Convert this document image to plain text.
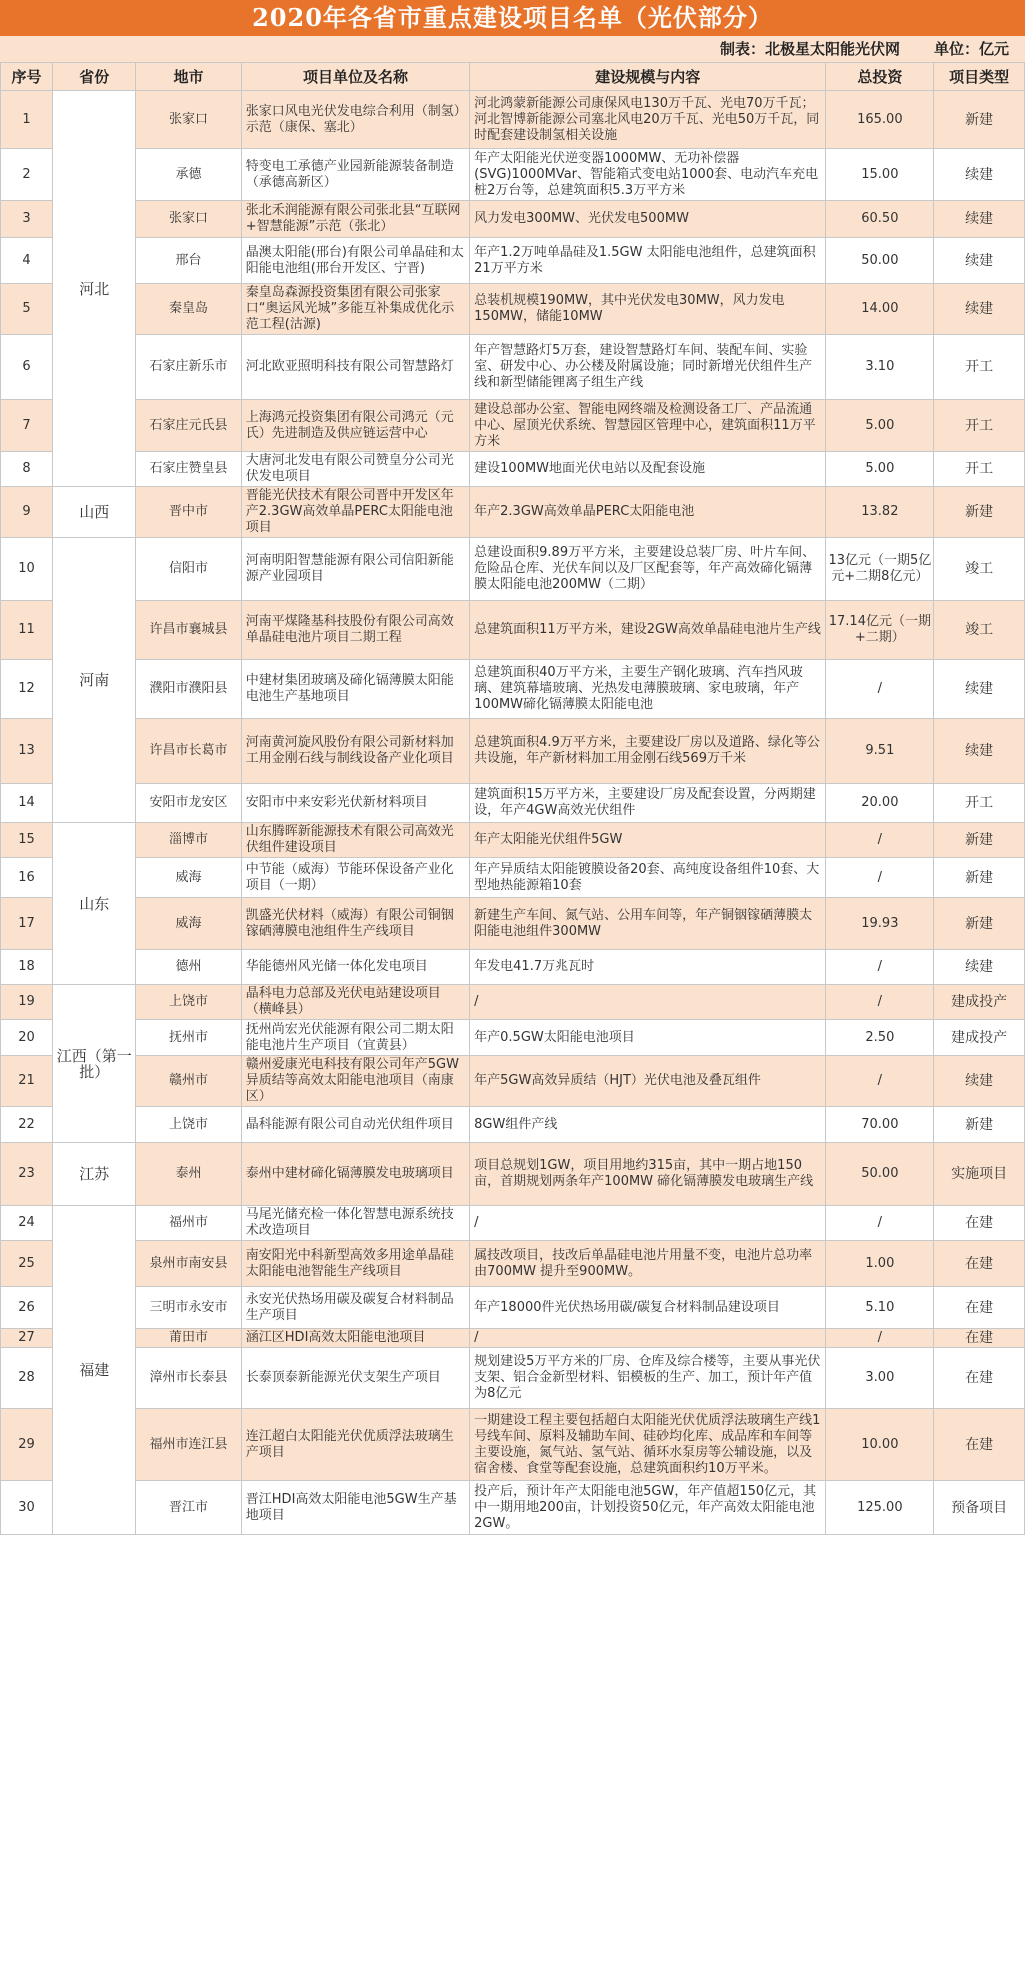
2020年各省市重点建设项目名单（光伏部分）
制表：北极星太阳能光伏网 单位：亿元
序号	省份	地市	项目单位及名称	建设规模与内容	总投资	项目类型
1	河北	张家口	张家口风电光伏发电综合利用（制氢）示范（康保、塞北）	河北鸿蒙新能源公司康保风电130万千瓦、光电70万千瓦；河北智博新能源公司塞北风电20万千瓦、光电50万千瓦，同时配套建设制氢相关设施	165.00	新建
2		承德	特变电工承德产业园新能源装备制造（承德高新区）	年产太阳能光伏逆变器1000MW、无功补偿器(SVG)1000MVar、智能箱式变电站1000套、电动汽车充电桩2万台等，总建筑面积5.3万平方米	15.00	续建
3		张家口	张北禾润能源有限公司张北县“互联网+智慧能源”示范（张北）	风力发电300MW、光伏发电500MW	60.50	续建
4		邢台	晶澳太阳能(邢台)有限公司单晶硅和太阳能电池组(邢台开发区、宁晋)	年产1.2万吨单晶硅及1.5GW 太阳能电池组件，总建筑面积21万平方米	50.00	续建
5		秦皇岛	秦皇岛森源投资集团有限公司张家口“奥运风光城”多能互补集成优化示范工程(沽源)	总装机规模190MW，其中光伏发电30MW，风力发电150MW，储能10MW	14.00	续建
6		石家庄新乐市	河北欧亚照明科技有限公司智慧路灯	年产智慧路灯5万套，建设智慧路灯车间、装配车间、实验室、研发中心、办公楼及附属设施；同时新增光伏组件生产线和新型储能锂离子组生产线	3.10	开工
7		石家庄元氏县	上海鸿元投资集团有限公司鸿元（元氏）先进制造及供应链运营中心	建设总部办公室、智能电网终端及检测设备工厂、产品流通中心、屋顶光伏系统、智慧园区管理中心，建筑面积11万平方米	5.00	开工
8		石家庄赞皇县	大唐河北发电有限公司赞皇分公司光伏发电项目	建设100MW地面光伏电站以及配套设施	5.00	开工
9	山西	晋中市	晋能光伏技术有限公司晋中开发区年产2.3GW高效单晶PERC太阳能电池项目	年产2.3GW高效单晶PERC太阳能电池	13.82	新建
10	河南	信阳市	河南明阳智慧能源有限公司信阳新能源产业园项目	总建设面积9.89万平方米，主要建设总装厂房、叶片车间、危险品仓库、光伏车间以及厂区配套等，年产高效碲化镉薄膜太阳能电池200MW（二期）	13亿元（一期5亿元+二期8亿元）	竣工
11		许昌市襄城县	河南平煤隆基科技股份有限公司高效单晶硅电池片项目二期工程	总建筑面积11万平方米，建设2GW高效单晶硅电池片生产线	17.14亿元（一期+二期）	竣工
12		濮阳市濮阳县	中建材集团玻璃及碲化镉薄膜太阳能电池生产基地项目	总建筑面积40万平方米，主要生产钢化玻璃、汽车挡风玻璃、建筑幕墙玻璃、光热发电薄膜玻璃、家电玻璃，年产100MW碲化镉薄膜太阳能电池	/	续建
13		许昌市长葛市	河南黄河旋风股份有限公司新材料加工用金刚石线与制线设备产业化项目	总建筑面积4.9万平方米，主要建设厂房以及道路、绿化等公共设施，年产新材料加工用金刚石线569万千米	9.51	续建
14		安阳市龙安区	安阳市中来安彩光伏新材料项目	建筑面积15万平方米，主要建设厂房及配套设置，分两期建设，年产4GW高效光伏组件	20.00	开工
15	山东	淄博市	山东腾晖新能源技术有限公司高效光伏组件建设项目	年产太阳能光伏组件5GW	/	新建
16		威海	中节能（威海）节能环保设备产业化项目（一期）	年产异质结太阳能镀膜设备20套、高纯度设备组件10套、大型地热能源箱10套	/	新建
17		威海	凯盛光伏材料（威海）有限公司铜铟镓硒薄膜电池组件生产线项目	新建生产车间、氮气站、公用车间等，年产铜铟镓硒薄膜太阳能电池组件300MW	19.93	新建
18		德州	华能德州风光储一体化发电项目	年发电41.7万兆瓦时	/	续建
19	江西（第一批）	上饶市	晶科电力总部及光伏电站建设项目（横峰县）	/	/	建成投产
20		抚州市	抚州尚宏光伏能源有限公司二期太阳能电池片生产项目（宜黄县）	年产0.5GW太阳能电池项目	2.50	建成投产
21		赣州市	赣州爱康光电科技有限公司年产5GW异质结等高效太阳能电池项目（南康区）	年产5GW高效异质结（HJT）光伏电池及叠瓦组件	/	续建
22		上饶市	晶科能源有限公司自动光伏组件项目	8GW组件产线	70.00	新建
23	江苏	泰州	泰州中建材碲化镉薄膜发电玻璃项目	项目总规划1GW，项目用地约315亩，其中一期占地150亩，首期规划两条年产100MW 碲化镉薄膜发电玻璃生产线	50.00	实施项目
24	福建	福州市	马尾光储充检一体化智慧电源系统技术改造项目	/	/	在建
25		泉州市南安县	南安阳光中科新型高效多用途单晶硅太阳能电池智能生产线项目	属技改项目，技改后单晶硅电池片用量不变，电池片总功率由700MW 提升至900MW。	1.00	在建
26		三明市永安市	永安光伏热场用碳及碳复合材料制品生产项目	年产18000件光伏热场用碳/碳复合材料制品建设项目	5.10	在建
27		莆田市	涵江区HDI高效太阳能电池项目	/	/	在建
28		漳州市长泰县	长泰顶泰新能源光伏支架生产项目	规划建设5万平方米的厂房、仓库及综合楼等，主要从事光伏支架、铝合金新型材料、铝模板的生产、加工，预计年产值为8亿元	3.00	在建
29		福州市连江县	连江超白太阳能光伏优质浮法玻璃生产项目	一期建设工程主要包括超白太阳能光伏优质浮法玻璃生产线1号线车间、原料及辅助车间、硅砂均化库、成品库和车间等主要设施，氮气站、氢气站、循环水泵房等公辅设施，以及宿舍楼、食堂等配套设施，总建筑面积约10万平米。	10.00	在建
30		晋江市	晋江HDI高效太阳能电池5GW生产基地项目	投产后，预计年产太阳能电池5GW，年产值超150亿元，其中一期用地200亩，计划投资50亿元，年产高效太阳能电池2GW。	125.00	预备项目
